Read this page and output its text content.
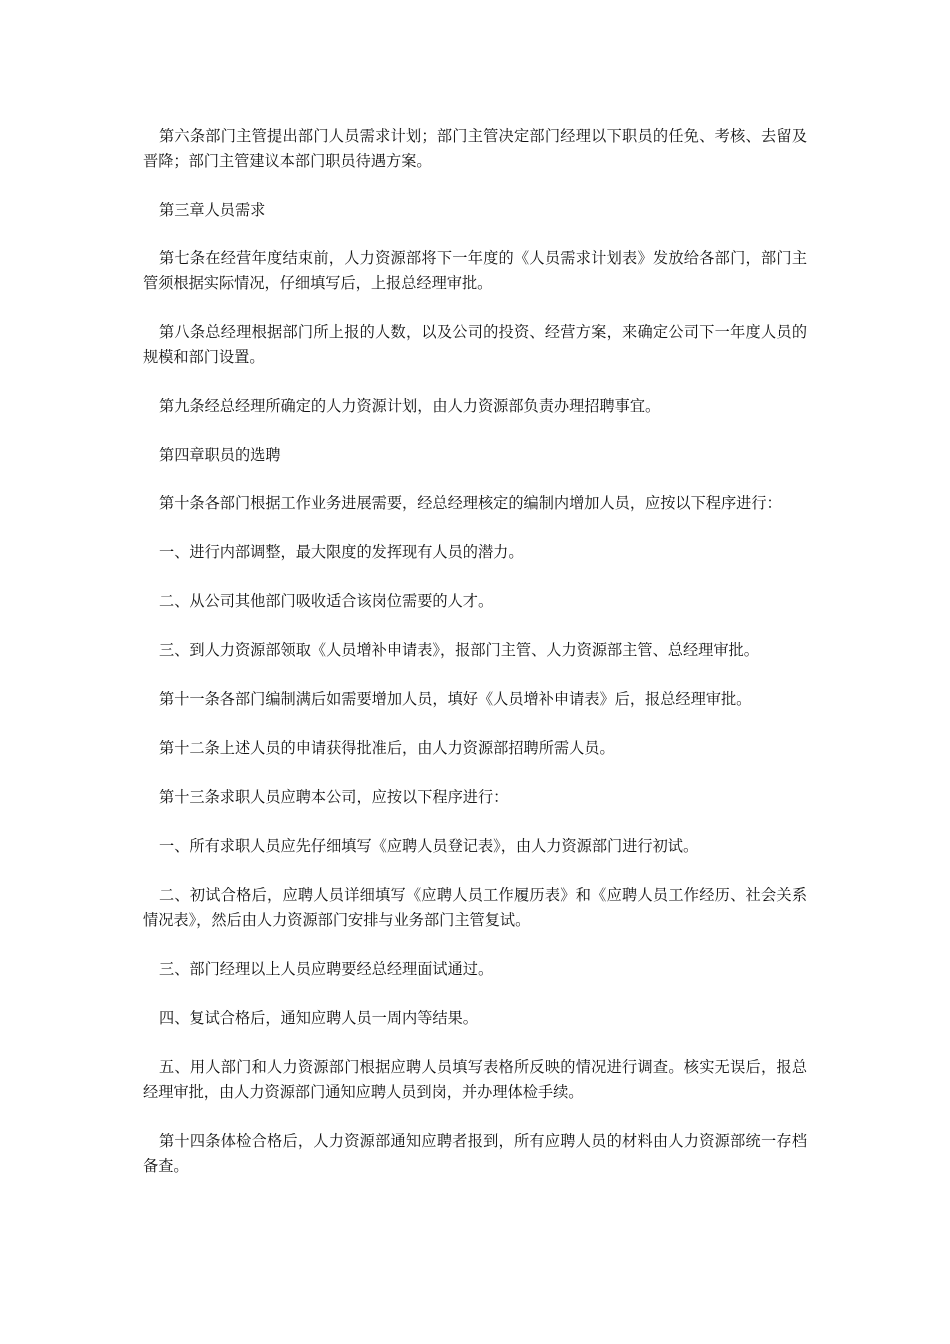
第六条部门主管提出部门人员需求计划；部门主管决定部门经理以下职员的任免、考核、去留及晋降；部门主管建议本部门职员待遇方案。

第三章人员需求

第七条在经营年度结束前，人力资源部将下一年度的《人员需求计划表》发放给各部门，部门主管须根据实际情况，仔细填写后，上报总经理审批。

第八条总经理根据部门所上报的人数，以及公司的投资、经营方案，来确定公司下一年度人员的规模和部门设置。

第九条经总经理所确定的人力资源计划，由人力资源部负责办理招聘事宜。

第四章职员的选聘

第十条各部门根据工作业务进展需要，经总经理核定的编制内增加人员，应按以下程序进行：

一、进行内部调整，最大限度的发挥现有人员的潜力。

二、从公司其他部门吸收适合该岗位需要的人才。

三、到人力资源部领取《人员增补申请表》，报部门主管、人力资源部主管、总经理审批。

第十一条各部门编制满后如需要增加人员，填好《人员增补申请表》后，报总经理审批。

第十二条上述人员的申请获得批准后，由人力资源部招聘所需人员。

第十三条求职人员应聘本公司，应按以下程序进行：

一、所有求职人员应先仔细填写《应聘人员登记表》，由人力资源部门进行初试。

二、初试合格后，应聘人员详细填写《应聘人员工作履历表》和《应聘人员工作经历、社会关系情况表》，然后由人力资源部门安排与业务部门主管复试。

三、部门经理以上人员应聘要经总经理面试通过。

四、复试合格后，通知应聘人员一周内等结果。

五、用人部门和人力资源部门根据应聘人员填写表格所反映的情况进行调查。核实无误后，报总经理审批，由人力资源部门通知应聘人员到岗，并办理体检手续。

第十四条体检合格后，人力资源部通知应聘者报到，所有应聘人员的材料由人力资源部统一存档备查。
